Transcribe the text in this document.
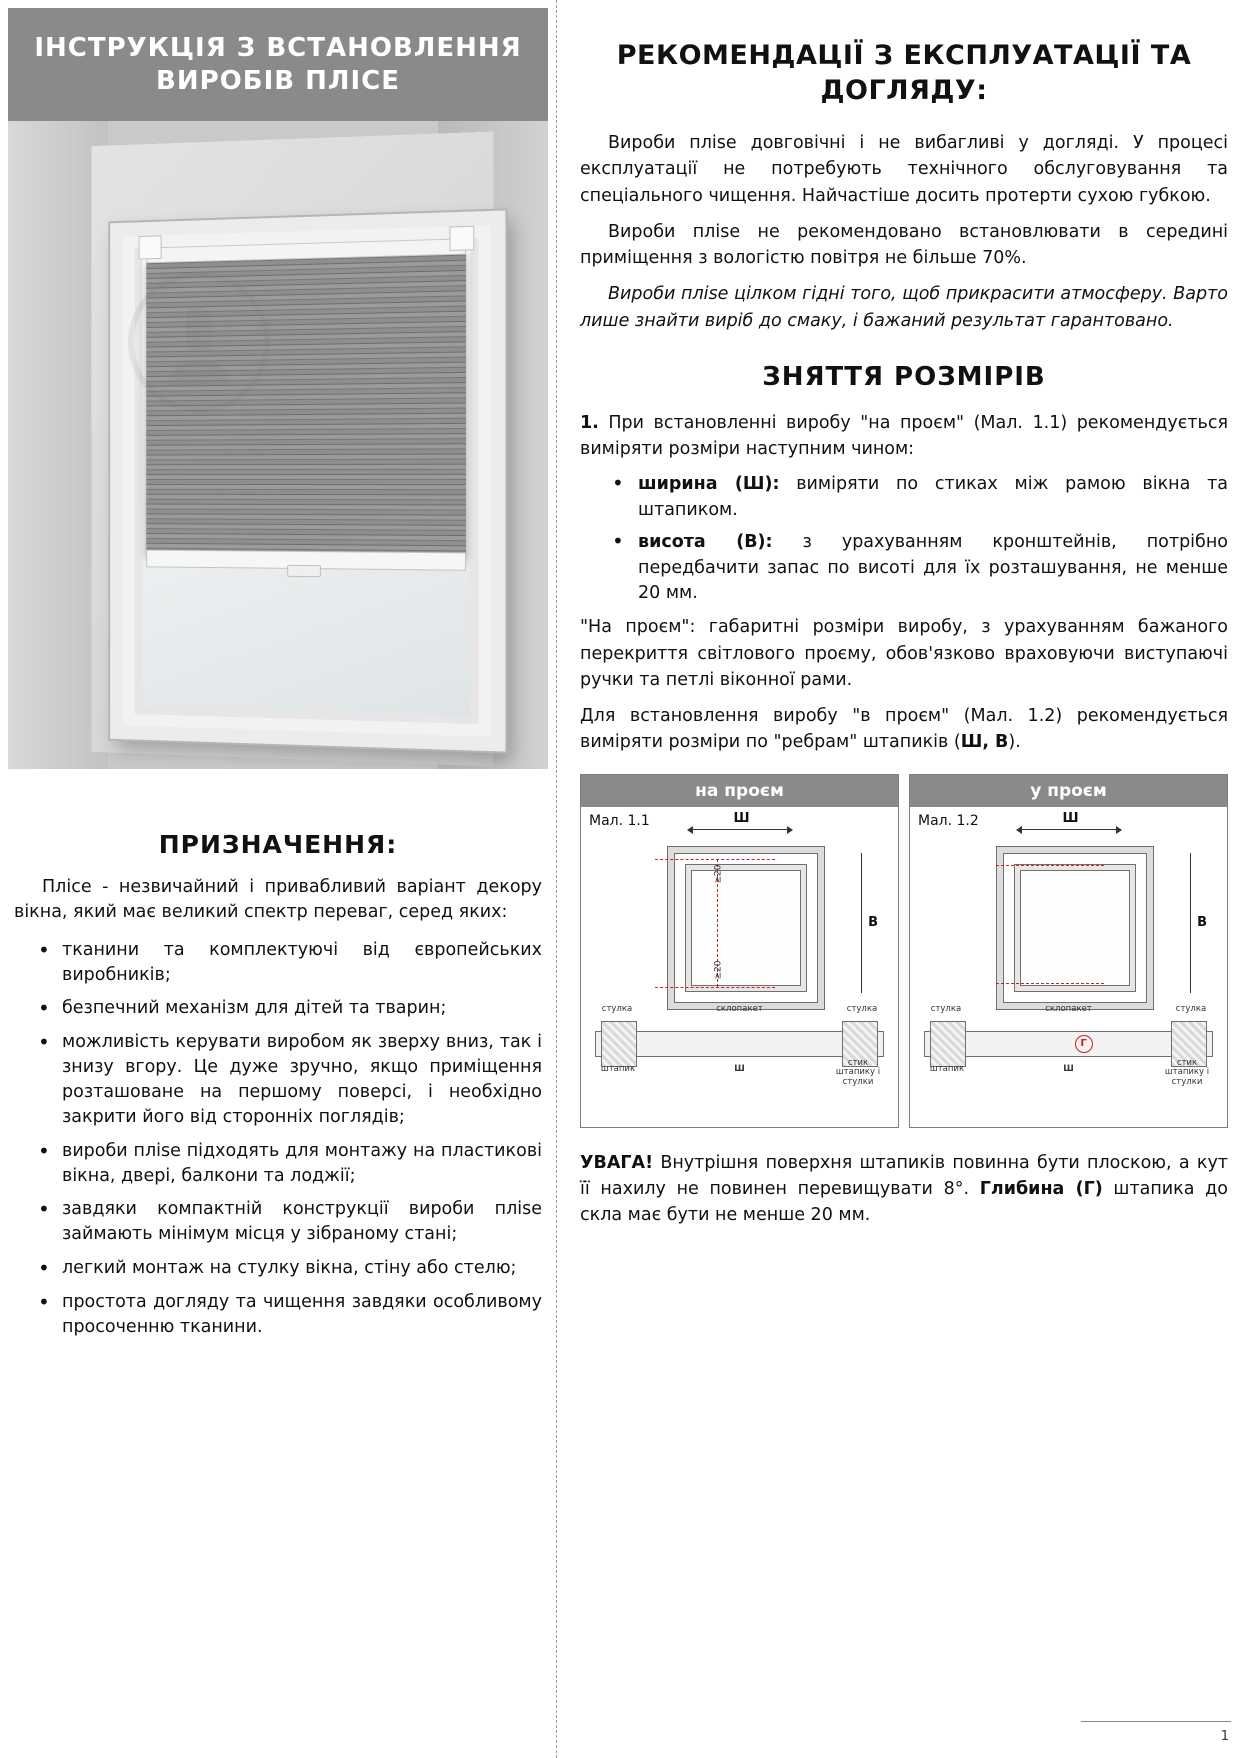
ІНСТРУКЦІЯ З ВСТАНОВЛЕННЯ ВИРОБІВ ПЛІСЕ
ПРИЗНАЧЕННЯ:

Плісе - незвичайний і привабливий варіант декору вікна, який має великий спектр переваг, серед яких:

• тканини та комплектуючі від європейських виробників;
• безпечний механізм для дітей та тварин;
• можливість керувати виробом як зверху вниз, так і знизу вгору. Це дуже зручно, якщо приміщення розташоване на першому поверсі, і необхідно закрити його від сторонніх поглядів;
• вироби пліse підходять для монтажу на пластикові вікна, двері, балкони та лоджії;
• завдяки компактній конструкції вироби пліse займають мінімум місця у зібраному стані;
• легкий монтаж на стулку вікна, стіну або стелю;
• простота догляду та чищення завдяки особливому просоченню тканини.
РЕКОМЕНДАЦІЇ З ЕКСПЛУАТАЦІЇ ТА ДОГЛЯДУ:

Вироби пліse довговічні і не вибагливі у догляді. У процесі експлуатації не потребують технічного обслуговування та спеціального чищення. Найчастіше досить протерти сухою губкою.

Вироби пліse не рекомендовано встановлювати в середині приміщення з вологістю повітря не більше 70%.

Вироби пліse цілком гідні того, щоб прикрасити атмосферу. Варто лише знайти виріб до смаку, і бажаний результат гарантовано.

ЗНЯТТЯ РОЗМІРІВ

1. При встановленні виробу "на проєм" (Мал. 1.1) рекомендується виміряти розміри наступним чином:

• ширина (Ш): виміряти по стиках між рамою вікна та штапиком.
• висота (В): з урахуванням кронштейнів, потрібно передбачити запас по висоті для їх розташування, не менше 20 мм.

"На проєм": габаритні розміри виробу, з урахуванням бажаного перекриття світлового проєму, обов'язково враховуючи виступаючі ручки та петлі віконної рами.

Для встановлення виробу "в проєм" (Мал. 1.2) рекомендується виміряти розміри по "ребрам" штапиків (Ш, В).

на проєм
Мал. 1.1	Ш
≥20
≥20
В
стулка	склопакет	стулка
штапик	Ш
стик штапику і стулки
у проєм
Мал. 1.2	Ш
В
Г
стулка	склопакет	стулка
штапик	Ш
стик штапику і стулки

УВАГА! Внутрішня поверхня штапиків повинна бути плоскою, а кут її нахилу не повинен перевищувати 8°. Глибина (Г) штапика до скла має бути не менше 20 мм.

1
